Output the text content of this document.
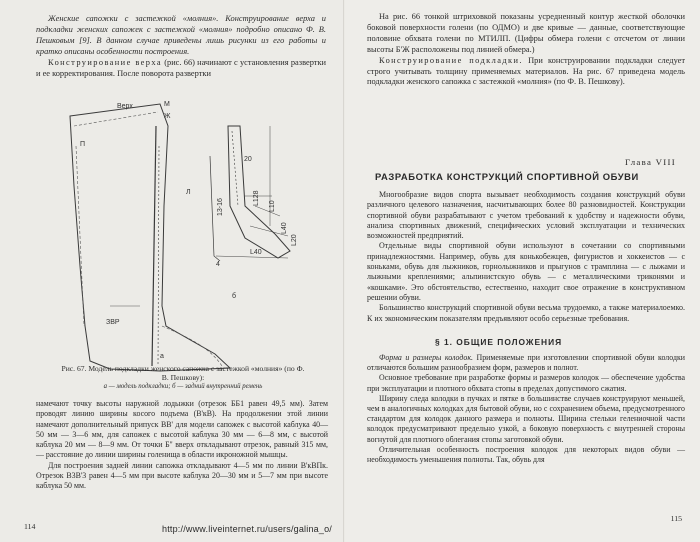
Женские сапожки с застежкой «молния». Конструирование верха и подкладки женских сапожек с застежкой «молния» подробно описано Ф. В. Пешковым [9]. В данном случае приведены лишь рисунки из его работы и кратко описаны особенности построения.

Конструирование верха (рис. 66) начинают с установления развертки и ее корректирования. После поворота развертки

Верх	М
Ж
П
б
а
ЗВР
Л
13-16
20
4
L128
L40
L10
L40
L20

Рис. 67. Модель подкладки женского сапожка с застежкой «молния» (по Ф. В. Пешкову):

а — модель подкладки; б — задний внутренний ремень

намечают точку высоты наружной лодыжки (отрезок ББ1 равен 49,5 мм). Затем проводят линию ширины косого подъема (В'кВ). На продолжении этой линии намечают дополнительный припуск ВВ' для модели сапожек с высотой каблука 40—50 мм — 3—6 мм, для сапожек с высотой каблука 30 мм — 6—8 мм, с высотой каблука 20 мм — 8—9 мм. От точки Б'' вверх откладывают отрезок, равный 315 мм, — расстояние до линии ширины голенища в области икроножной мышцы.

Для построения задней линии сапожка откладывают 4—5 мм по линии В'кВПк. Отрезок В3В'3 равен 4—5 мм при высоте каблука 20—30 мм и 5—7 мм при высоте каблука 50 мм.

114

На рис. 66 тонкой штриховкой показаны усредненный контур жесткой оболочки боковой поверхности голени (по ОДМО) и две кривые — данные, соответствующие половине обхвата голени по МТИЛП. (Цифры обмера голени с отсчетом от линии высоты Б'Ж расположены под линией обмера.)

Конструирование подкладки. При конструировании подкладки следует строго учитывать толщину применяемых материалов. На рис. 67 приведена модель подкладки женского сапожка с застежкой «молния» (по Ф. В. Пешкову).

Глава VIII
РАЗРАБОТКА КОНСТРУКЦИЙ СПОРТИВНОЙ ОБУВИ

Многообразие видов спорта вызывает необходимость создания конструкций обуви различного целевого назначения, насчитывающих более 80 разновидностей. Конструкции спортивной обуви разрабатывают с учетом требований к удобству и надежности обуви, анализа спортивных движений, специфических условий эксплуатации и технических возможностей предприятий.

Отдельные виды спортивной обуви используют в сочетании со спортивными принадлежностями. Например, обувь для конькобежцев, фигуристов и хоккеистов — с коньками, обувь для лыжников, горнолыжников и прыгунов с трамплина — с лыжами и лыжными креплениями; альпинистскую обувь — с металлическими триконями и «кошками». Это обстоятельство, естественно, находит свое отражение в конструктивном решении обуви.

Большинство конструкций спортивной обуви весьма трудоемко, а также материалоемко. К их экономическим показателям предъявляют особо серьезные требования.

§ 1. ОБЩИЕ ПОЛОЖЕНИЯ

Форма и размеры колодок. Применяемые при изготовлении спортивной обуви колодки отличаются большим разнообразием форм, размеров и полнот.

Основное требование при разработке формы и размеров колодок — обеспечение удобства при эксплуатации и плотного обхвата стопы в пределах допустимого сжатия.

Ширину следа колодки в пучках и пятке в большинстве случаев конструируют меньшей, чем в аналогичных колодках для бытовой обуви, но с сохранением объема, предусмотренного стандартом для колодок данного размера и полноты. Ширина стельки гелениочной части колодок предусматривают предельно узкой, а боковую поверхность с внутренней стороны вогнутой для плотного облегания стопы заготовкой обуви.

Отличительная особенность построения колодок для некоторых видов обуви — необходимость уменьшения полноты. Так, обувь для

115
http://www.liveinternet.ru/users/galina_o/
